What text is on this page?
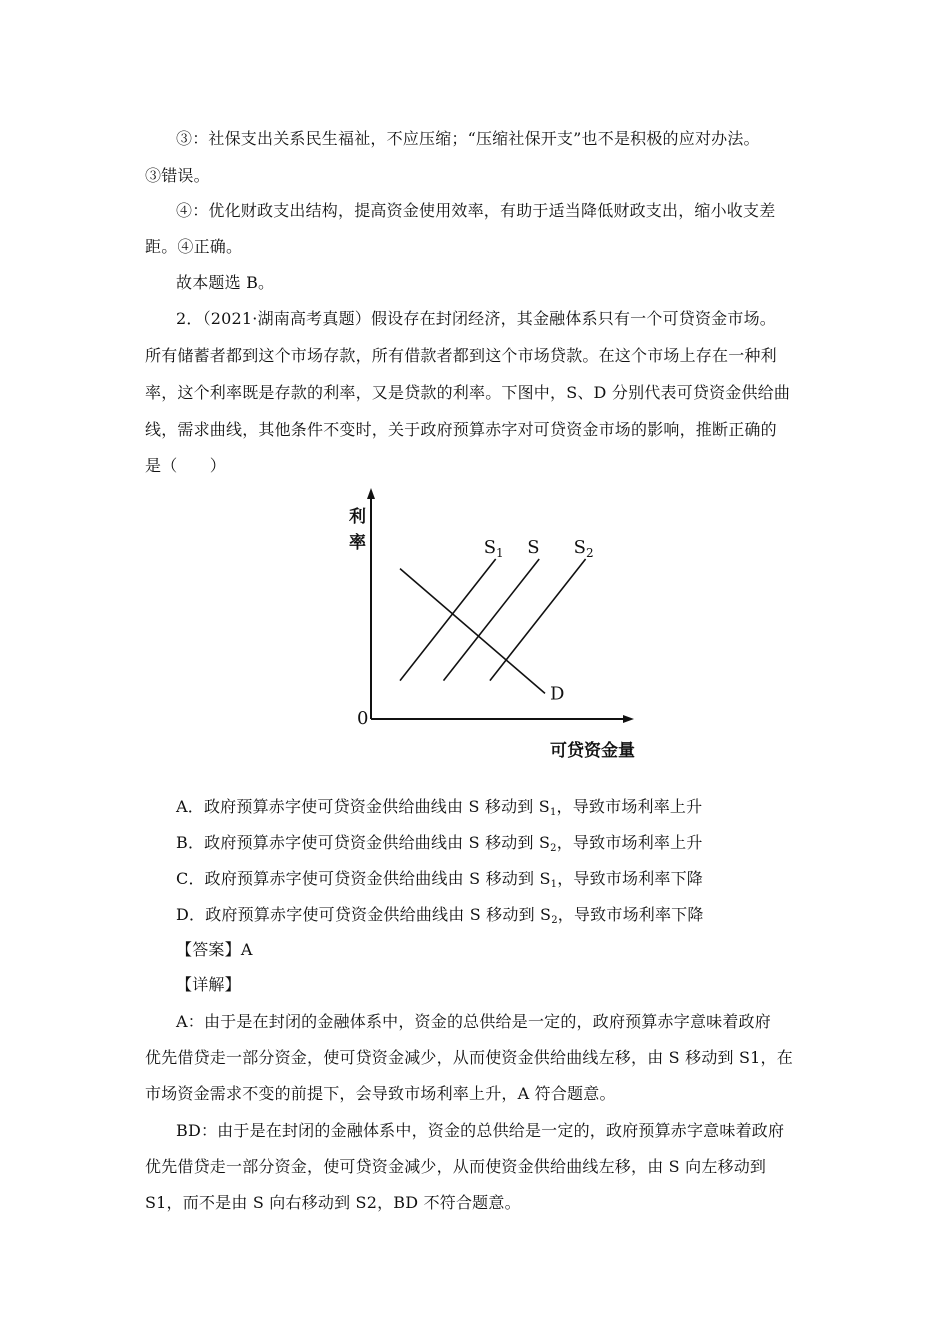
③：社保支出关系民生福祉，不应压缩；“压缩社保开支”也不是积极的应对办法。
③错误。
④：优化财政支出结构，提高资金使用效率，有助于适当降低财政支出，缩小收支差
距。④正确。
故本题选 B。
2．（2021·湖南高考真题）假设存在封闭经济，其金融体系只有一个可贷资金市场。
所有储蓄者都到这个市场存款，所有借款者都到这个市场贷款。在这个市场上存在一种利
率，这个利率既是存款的利率，又是贷款的利率。下图中，S、D 分别代表可贷资金供给曲
线，需求曲线，其他条件不变时，关于政府预算赤字对可贷资金市场的影响，推断正确的
是（　　）
$S_1$ S $S_2$
D
0
可贷资金量
利
率
A．政府预算赤字使可贷资金供给曲线由 S 移动到 $S_1$，导致市场利率上升
B．政府预算赤字使可贷资金供给曲线由 S 移动到 $S_2$，导致市场利率上升
C．政府预算赤字使可贷资金供给曲线由 S 移动到 $S_1$，导致市场利率下降
D．政府预算赤字使可贷资金供给曲线由 S 移动到 $S_2$，导致市场利率下降
【答案】A
【详解】
A：由于是在封闭的金融体系中，资金的总供给是一定的，政府预算赤字意味着政府
优先借贷走一部分资金，使可贷资金减少，从而使资金供给曲线左移，由 S 移动到 S1，在
市场资金需求不变的前提下，会导致市场利率上升，A 符合题意。
BD：由于是在封闭的金融体系中，资金的总供给是一定的，政府预算赤字意味着政府
优先借贷走一部分资金，使可贷资金减少，从而使资金供给曲线左移，由 S 向左移动到
S1，而不是由 S 向右移动到 S2，BD 不符合题意。
